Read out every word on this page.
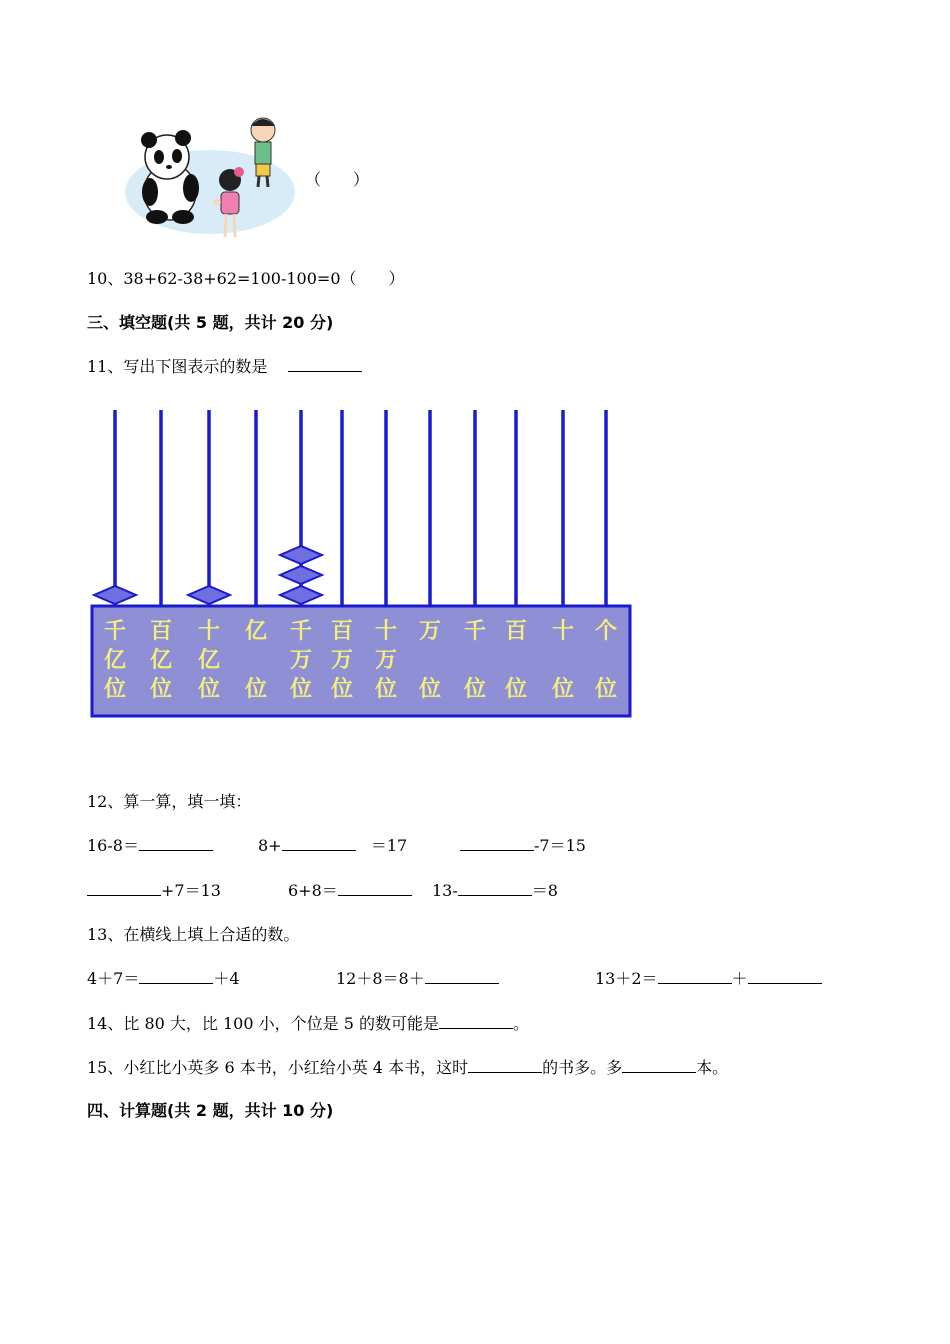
（　　）
10、38+62-38+62=100-100=0（　　）
三、填空题(共 5 题，共计 20 分)
11、写出下图表示的数是
千
亿
位
百
亿
位
十
亿
位
亿
位
千
万
位
百
万
位
十
万
位
万
位
千
位
百
位
十
位
个
位
12、算一算，填一填：
16-8＝	8+	＝17	-7＝15
+7＝13	6+8＝	13-	＝8
13、在横线上填上合适的数。
4＋7＝	＋4	12＋8＝8＋	13＋2＝	＋
14、比 80 大，比 100 小，个位是 5 的数可能是	。
15、小红比小英多 6 本书，小红给小英 4 本书，这时	的书多。多	本。
四、计算题(共 2 题，共计 10 分)
